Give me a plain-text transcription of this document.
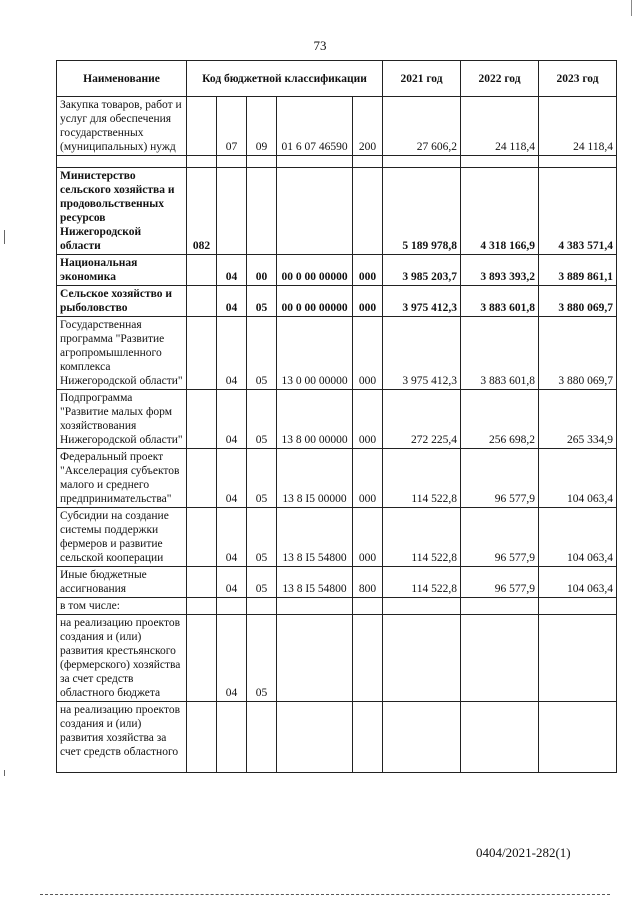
73
Наименование	Код бюджетной классификации					2021 год	2022 год	2023 год
Закупка товаров, работ и услуг для обеспечения государственных (муниципальных) нужд		07	09	01 6 07 46590	200	27 606,2	24 118,4	24 118,4

Министерство сельского хозяйства и продовольственных ресурсов Нижегородской области	082					5 189 978,8	4 318 166,9	4 383 571,4
Национальная экономика		04	00	00 0 00 00000	000	3 985 203,7	3 893 393,2	3 889 861,1
Сельское хозяйство и рыболовство		04	05	00 0 00 00000	000	3 975 412,3	3 883 601,8	3 880 069,7
Государственная программа "Развитие агропромышленного комплекса Нижегородской области"		04	05	13 0 00 00000	000	3 975 412,3	3 883 601,8	3 880 069,7
Подпрограмма "Развитие малых форм хозяйствования Нижегородской области"		04	05	13 8 00 00000	000	272 225,4	256 698,2	265 334,9
Федеральный проект "Акселерация субъектов малого и среднего предпринимательства"		04	05	13 8 I5 00000	000	114 522,8	96 577,9	104 063,4
Субсидии на создание системы поддержки фермеров и развитие сельской кооперации		04	05	13 8 I5 54800	000	114 522,8	96 577,9	104 063,4
Иные бюджетные ассигнования		04	05	13 8 I5 54800	800	114 522,8	96 577,9	104 063,4
в том числе:								
на реализацию проектов создания и (или) развития крестьянского (фермерского) хозяйства за счет средств областного бюджета		04	05					

на реализацию проектов создания и (или) развития хозяйства за счет средств областного								

0404/2021-282(1)
